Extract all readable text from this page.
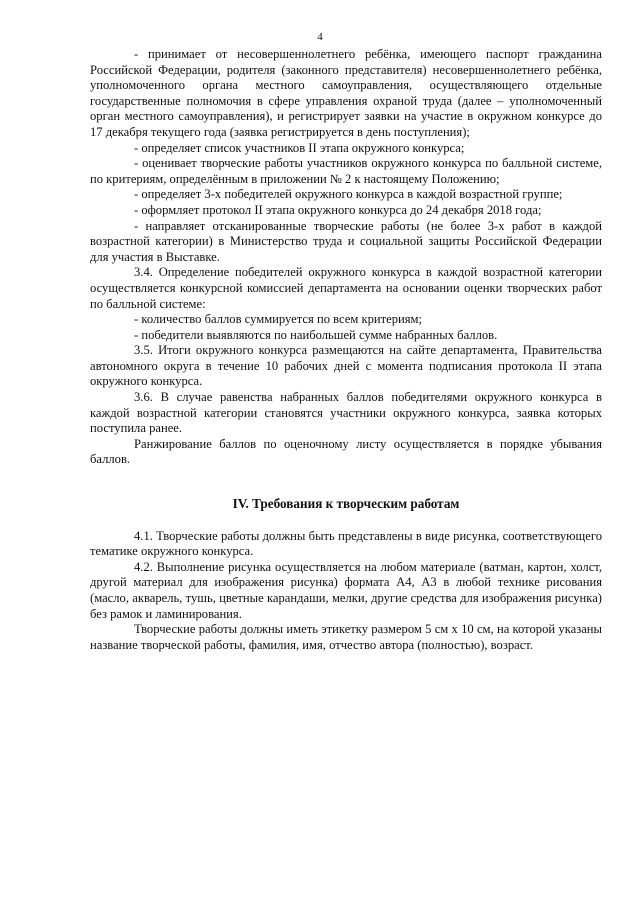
4

- принимает от несовершеннолетнего ребёнка, имеющего паспорт гражданина Российской Федерации, родителя (законного представителя) несовершеннолетнего ребёнка, уполномоченного органа местного самоуправления, осуществляющего отдельные государственные полномочия в сфере управления охраной труда (далее – уполномоченный орган местного самоуправления), и регистрирует заявки на участие в окружном конкурсе до 17 декабря текущего года (заявка регистрируется в день поступления);

- определяет список участников II этапа окружного конкурса;

- оценивает творческие работы участников окружного конкурса по балльной системе, по критериям, определённым в приложении № 2 к настоящему Положению;

- определяет 3-х победителей окружного конкурса в каждой возрастной группе;

- оформляет протокол II этапа окружного конкурса до 24 декабря 2018 года;

- направляет отсканированные творческие работы (не более 3-х работ в каждой возрастной категории) в Министерство труда и социальной защиты Российской Федерации для участия в Выставке.

3.4. Определение победителей окружного конкурса в каждой возрастной категории осуществляется конкурсной комиссией департамента на основании оценки творческих работ по балльной системе:

- количество баллов суммируется по всем критериям;

- победители выявляются по наибольшей сумме набранных баллов.

3.5. Итоги окружного конкурса размещаются на сайте департамента, Правительства автономного округа в течение 10 рабочих дней с момента подписания протокола II этапа окружного конкурса.

3.6. В случае равенства набранных баллов победителями окружного конкурса в каждой возрастной категории становятся участники окружного конкурса, заявка которых поступила ранее.

Ранжирование баллов по оценочному листу осуществляется в порядке убывания баллов.

IV. Требования к творческим работам

4.1. Творческие работы должны быть представлены в виде рисунка, соответствующего тематике окружного конкурса.

4.2. Выполнение рисунка осуществляется на любом материале (ватман, картон, холст, другой материал для изображения рисунка) формата А4, А3 в любой технике рисования (масло, акварель, тушь, цветные карандаши, мелки, другие средства для изображения рисунка) без рамок и ламинирования.

Творческие работы должны иметь этикетку размером 5 см х 10 см, на которой указаны название творческой работы, фамилия, имя, отчество автора (полностью), возраст.
